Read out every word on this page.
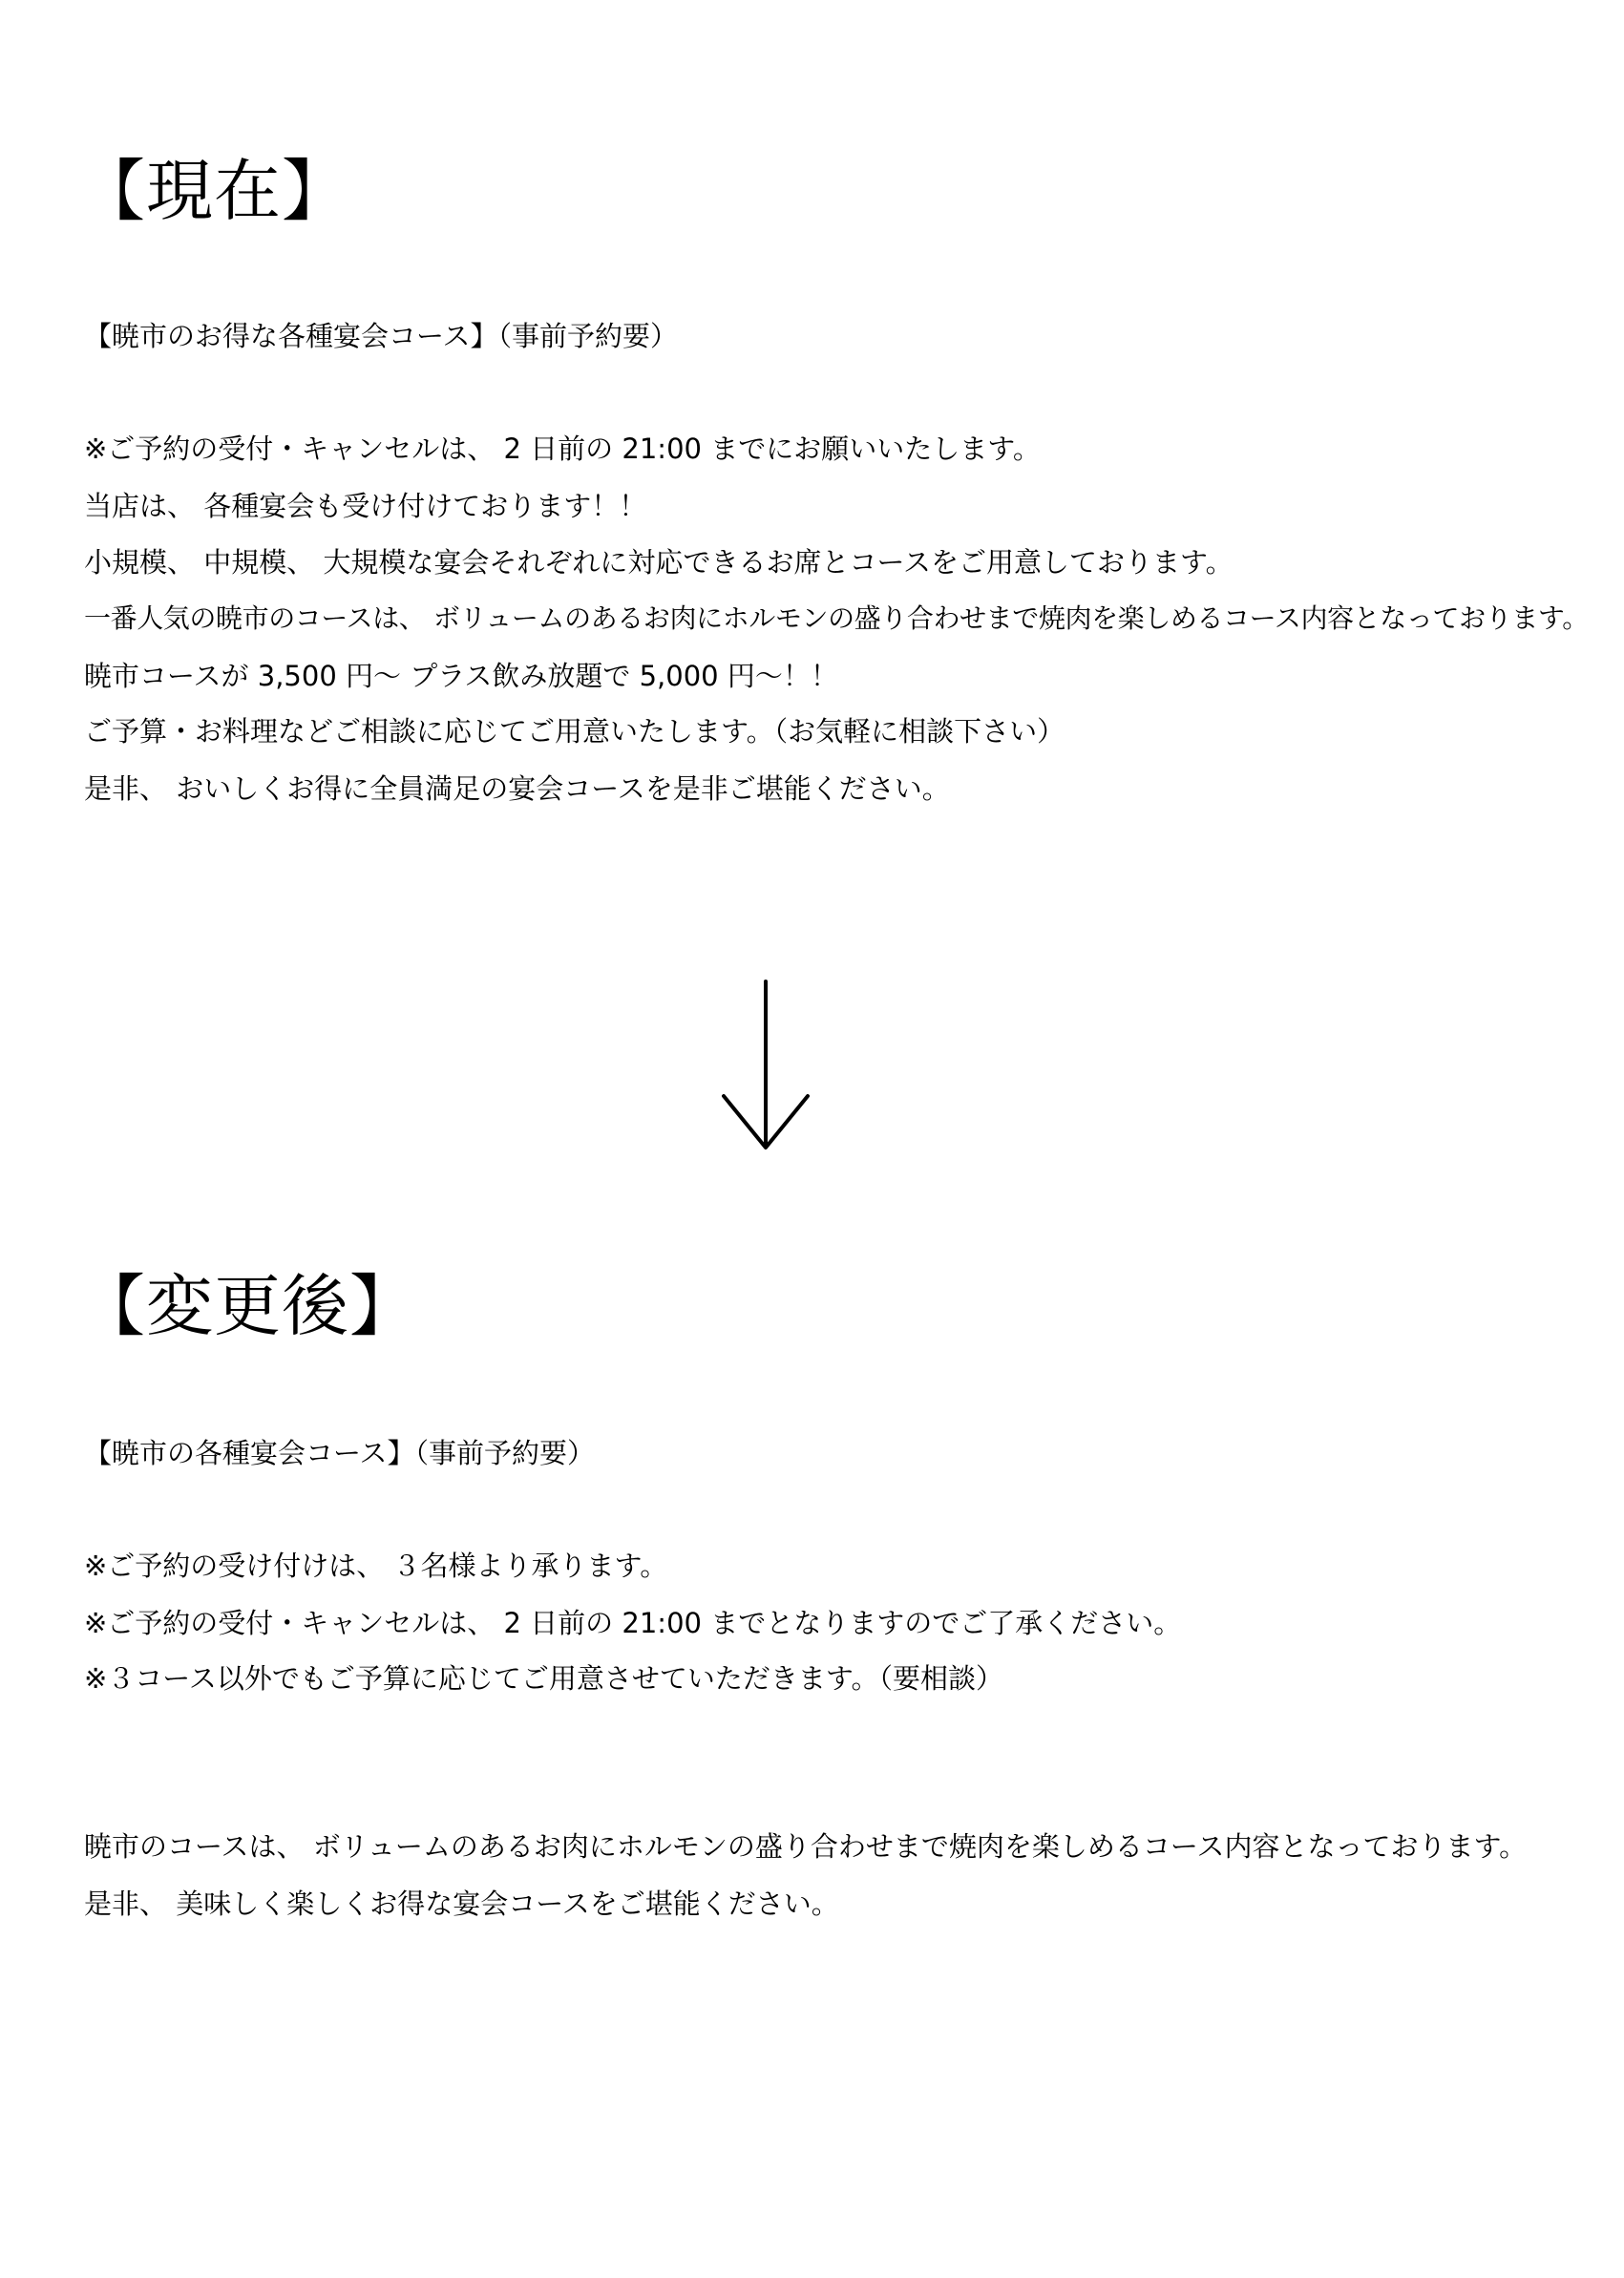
【現在】

【暁市のお得な各種宴会コース】（事前予約要）

※ご予約の受付・キャンセルは、 2 日前の 21:00 までにお願いいたします。

当店は、 各種宴会も受け付けております！！

小規模、 中規模、 大規模な宴会それぞれに対応できるお席とコースをご用意しております。

一番人気の暁市のコースは、 ボリュームのあるお肉にホルモンの盛り合わせまで焼肉を楽しめるコース内容となっております。

暁市コースが 3,500 円～ プラス飲み放題で 5,000 円～！！

ご予算・お料理などご相談に応じてご用意いたします。（お気軽に相談下さい）

是非、 おいしくお得に全員満足の宴会コースを是非ご堪能ください。

【変更後】

【暁市の各種宴会コース】（事前予約要）

※ご予約の受け付けは、 ３名様より承ります。

※ご予約の受付・キャンセルは、 2 日前の 21:00 までとなりますのでご了承ください。

※３コース以外でもご予算に応じてご用意させていただきます。（要相談）

暁市のコースは、 ボリュームのあるお肉にホルモンの盛り合わせまで焼肉を楽しめるコース内容となっております。

是非、 美味しく楽しくお得な宴会コースをご堪能ください。
